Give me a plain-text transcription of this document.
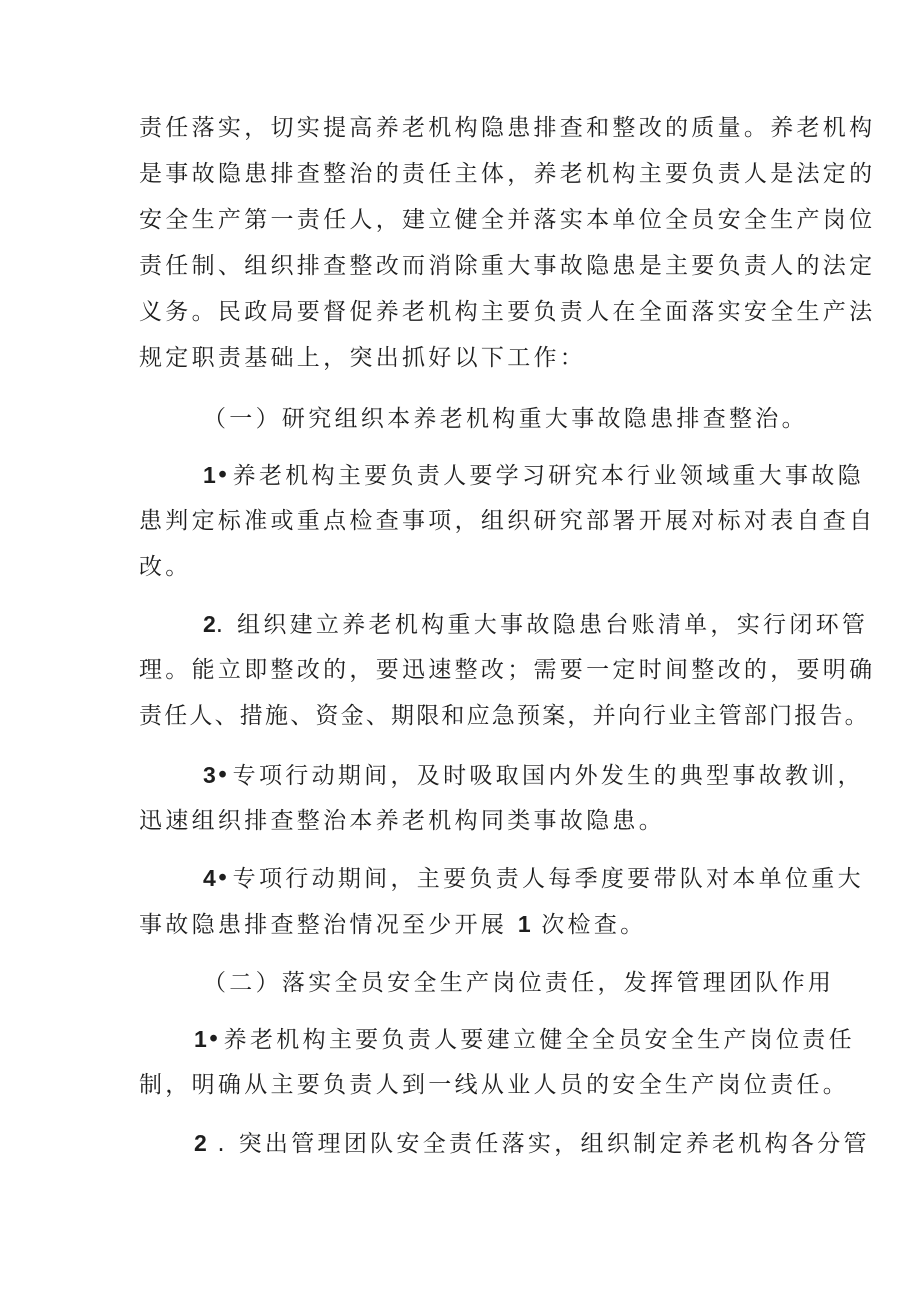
责任落实，切实提高养老机构隐患排查和整改的质量。养老机构
是事故隐患排查整治的责任主体，养老机构主要负责人是法定的
安全生产第一责任人，建立健全并落实本单位全员安全生产岗位
责任制、组织排查整改而消除重大事故隐患是主要负责人的法定
义务。民政局要督促养老机构主要负责人在全面落实安全生产法
规定职责基础上，突出抓好以下工作：
（一）研究组织本养老机构重大事故隐患排查整治。
1•养老机构主要负责人要学习研究本行业领域重大事故隐
患判定标准或重点检查事项，组织研究部署开展对标对表自查自
改。
2. 组织建立养老机构重大事故隐患台账清单，实行闭环管
理。能立即整改的，要迅速整改；需要一定时间整改的，要明确
责任人、措施、资金、期限和应急预案，并向行业主管部门报告。
3•专项行动期间，及时吸取国内外发生的典型事故教训，
迅速组织排查整治本养老机构同类事故隐患。
4•专项行动期间，主要负责人每季度要带队对本单位重大
事故隐患排查整治情况至少开展 1 次检查。
（二）落实全员安全生产岗位责任，发挥管理团队作用
1•养老机构主要负责人要建立健全全员安全生产岗位责任
制，明确从主要负责人到一线从业人员的安全生产岗位责任。
2 . 突出管理团队安全责任落实，组织制定养老机构各分管
